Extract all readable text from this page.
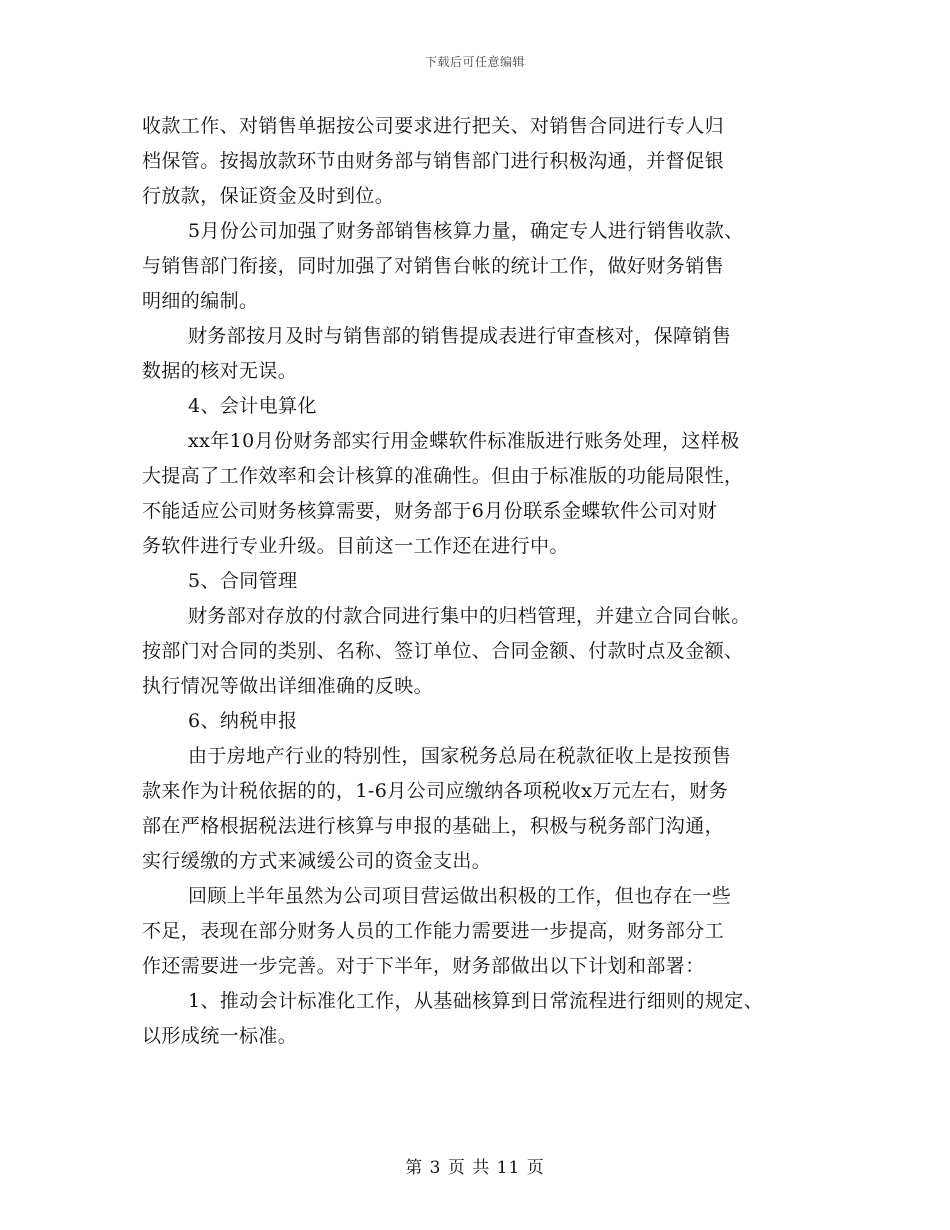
下载后可任意编辑
收款工作、对销售单据按公司要求进行把关、对销售合同进行专人归
档保管。按揭放款环节由财务部与销售部门进行积极沟通，并督促银
行放款，保证资金及时到位。
5月份公司加强了财务部销售核算力量，确定专人进行销售收款、
与销售部门衔接，同时加强了对销售台帐的统计工作，做好财务销售
明细的编制。
财务部按月及时与销售部的销售提成表进行审查核对，保障销售
数据的核对无误。
4、会计电算化
xx年10月份财务部实行用金蝶软件标准版进行账务处理，这样极
大提高了工作效率和会计核算的准确性。但由于标准版的功能局限性，
不能适应公司财务核算需要，财务部于6月份联系金蝶软件公司对财
务软件进行专业升级。目前这一工作还在进行中。
5、合同管理
财务部对存放的付款合同进行集中的归档管理，并建立合同台帐。
按部门对合同的类别、名称、签订单位、合同金额、付款时点及金额、
执行情况等做出详细准确的反映。
6、纳税申报
由于房地产行业的特别性，国家税务总局在税款征收上是按预售
款来作为计税依据的的，1-6月公司应缴纳各项税收x万元左右，财务
部在严格根据税法进行核算与申报的基础上，积极与税务部门沟通，
实行缓缴的方式来减缓公司的资金支出。
回顾上半年虽然为公司项目营运做出积极的工作，但也存在一些
不足，表现在部分财务人员的工作能力需要进一步提高，财务部分工
作还需要进一步完善。对于下半年，财务部做出以下计划和部署：
1、推动会计标准化工作，从基础核算到日常流程进行细则的规定、
以形成统一标准。
第 3 页 共 11 页
